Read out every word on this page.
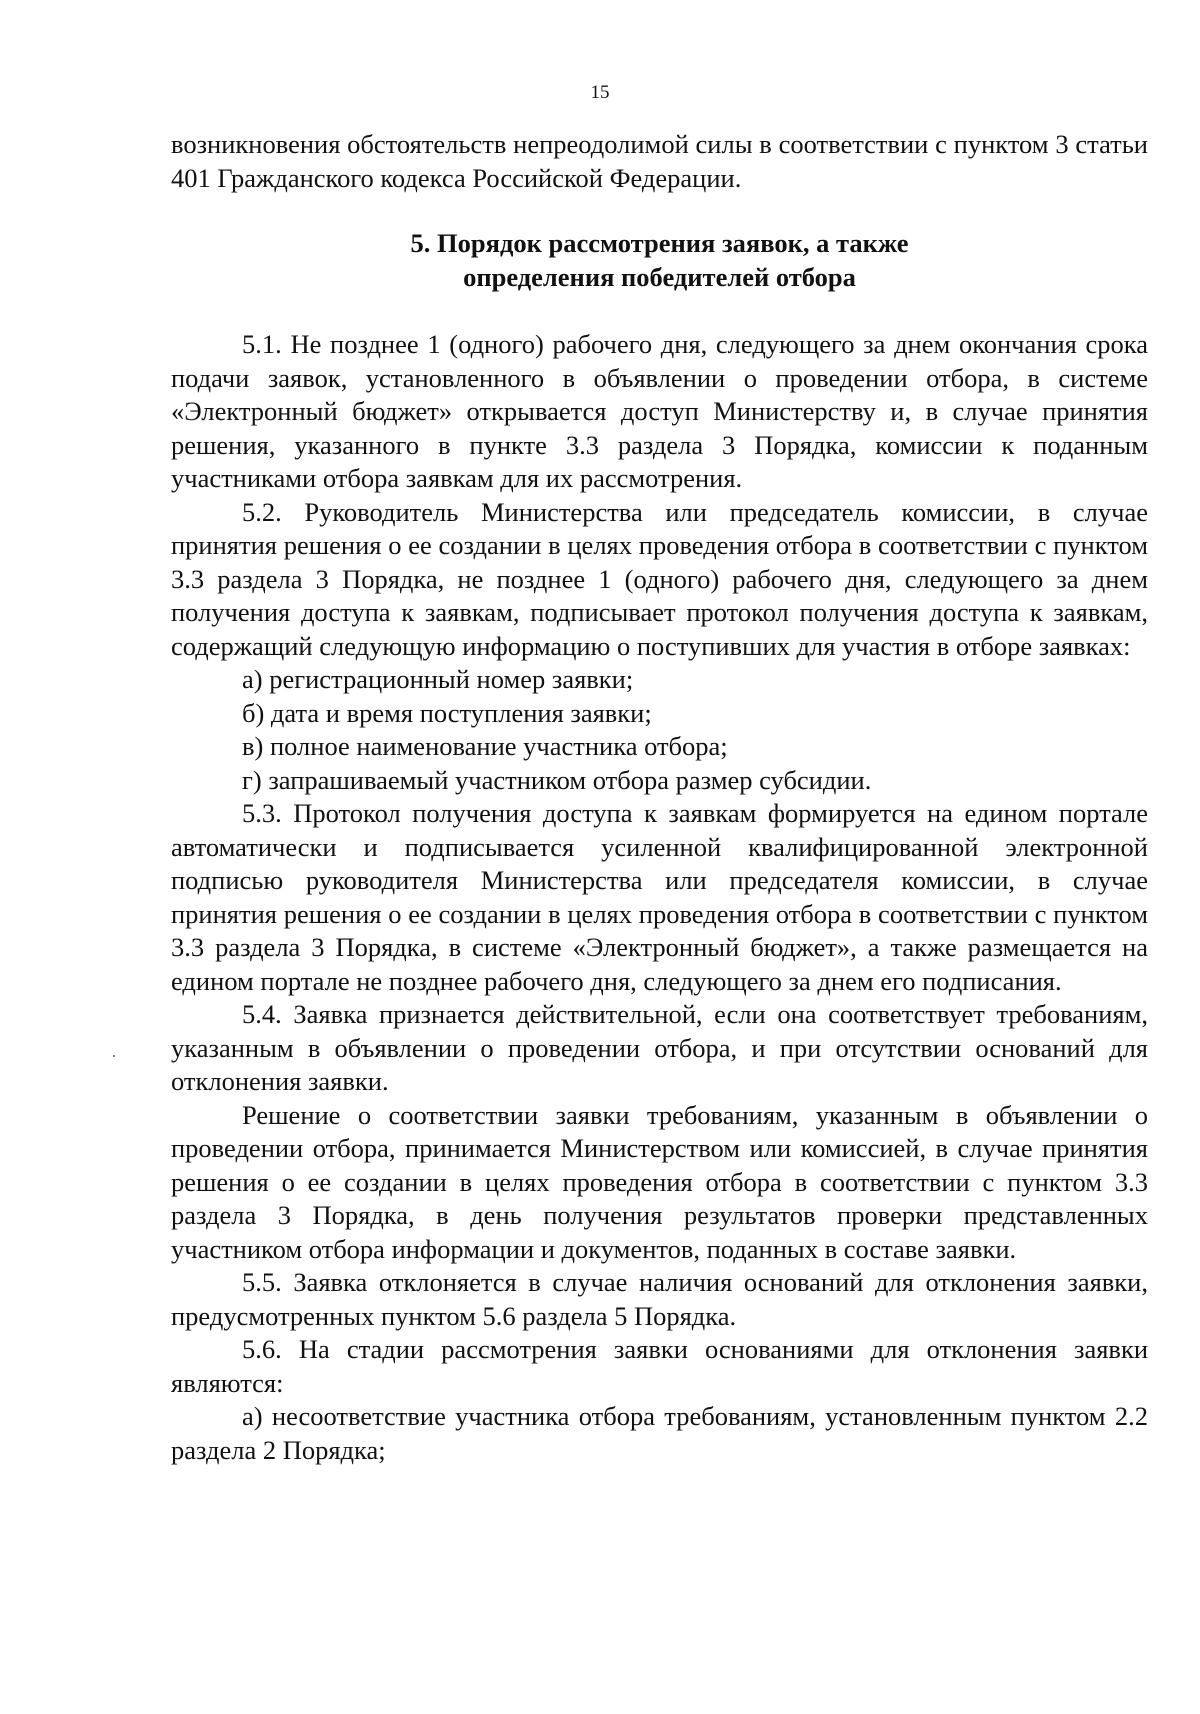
15

возникновения обстоятельств непреодолимой силы в соответствии с пунктом 3 статьи 401 Гражданского кодекса Российской Федерации.

5. Порядок рассмотрения заявок, а также
определения победителей отбора

5.1. Не позднее 1 (одного) рабочего дня, следующего за днем окончания срока подачи заявок, установленного в объявлении о проведении отбора, в системе «Электронный бюджет» открывается доступ Министерству и, в случае принятия решения, указанного в пункте 3.3 раздела 3 Порядка, комиссии к поданным участниками отбора заявкам для их рассмотрения.

5.2. Руководитель Министерства или председатель комиссии, в случае принятия решения о ее создании в целях проведения отбора в соответствии с пунктом 3.3 раздела 3 Порядка, не позднее 1 (одного) рабочего дня, следующего за днем получения доступа к заявкам, подписывает протокол получения доступа к заявкам, содержащий следующую информацию о поступивших для участия в отборе заявках:

а) регистрационный номер заявки;

б) дата и время поступления заявки;

в) полное наименование участника отбора;

г) запрашиваемый участником отбора размер субсидии.

5.3. Протокол получения доступа к заявкам формируется на едином портале автоматически и подписывается усиленной квалифицированной электронной подписью руководителя Министерства или председателя комиссии, в случае принятия решения о ее создании в целях проведения отбора в соответствии с пунктом 3.3 раздела 3 Порядка, в системе «Электронный бюджет», а также размещается на едином портале не позднее рабочего дня, следующего за днем его подписания.

5.4. Заявка признается действительной, если она соответствует требованиям, указанным в объявлении о проведении отбора, и при отсутствии оснований для отклонения заявки.

Решение о соответствии заявки требованиям, указанным в объявлении о проведении отбора, принимается Министерством или комиссией, в случае принятия решения о ее создании в целях проведения отбора в соответствии с пунктом 3.3 раздела 3 Порядка, в день получения результатов проверки представленных участником отбора информации и документов, поданных в составе заявки.

5.5. Заявка отклоняется в случае наличия оснований для отклонения заявки, предусмотренных пунктом 5.6 раздела 5 Порядка.

5.6. На стадии рассмотрения заявки основаниями для отклонения заявки являются:

а) несоответствие участника отбора требованиям, установленным пунктом 2.2 раздела 2 Порядка;
